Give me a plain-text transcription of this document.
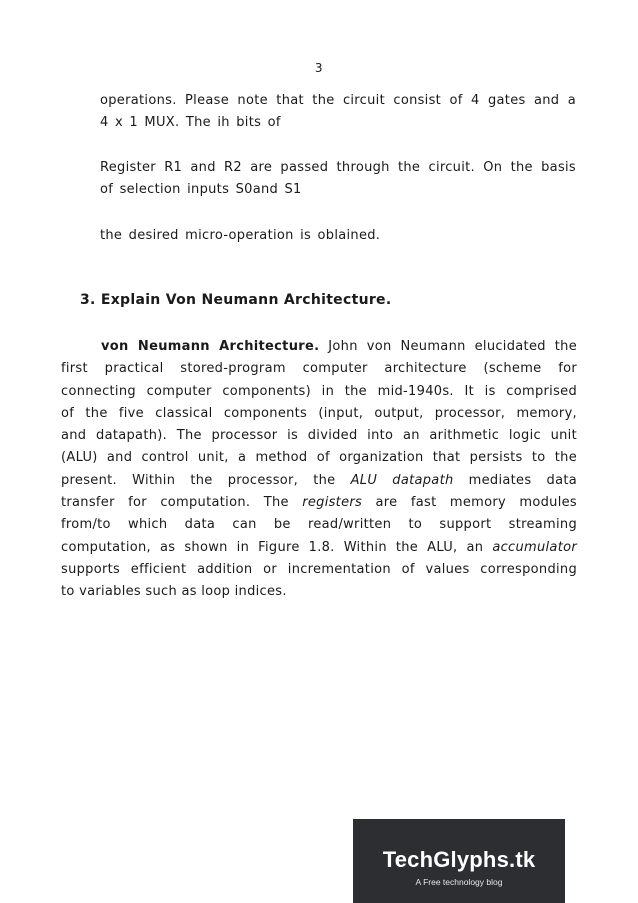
3
operations. Please note that the circuit consist of 4 gates and a
4 x 1 MUX. The ih bits of
Register R1 and R2 are passed through the circuit. On the basis
of selection inputs S0and S1
the desired micro-operation is oblained.
3. Explain Von Neumann Architecture.
von Neumann Architecture. John von Neumann elucidated the
first practical stored-program computer architecture (scheme for
connecting computer components) in the mid-1940s. It is comprised
of the five classical components (input, output, processor, memory,
and datapath). The processor is divided into an arithmetic logic unit
(ALU) and control unit, a method of organization that persists to the
present. Within the processor, the ALU datapath mediates data
transfer for computation. The registers are fast memory modules
from/to which data can be read/written to support streaming
computation, as shown in Figure 1.8. Within the ALU, an accumulator
supports efficient addition or incrementation of values corresponding
to variables such as loop indices.
TechGlyphs.tk
A Free technology blog
